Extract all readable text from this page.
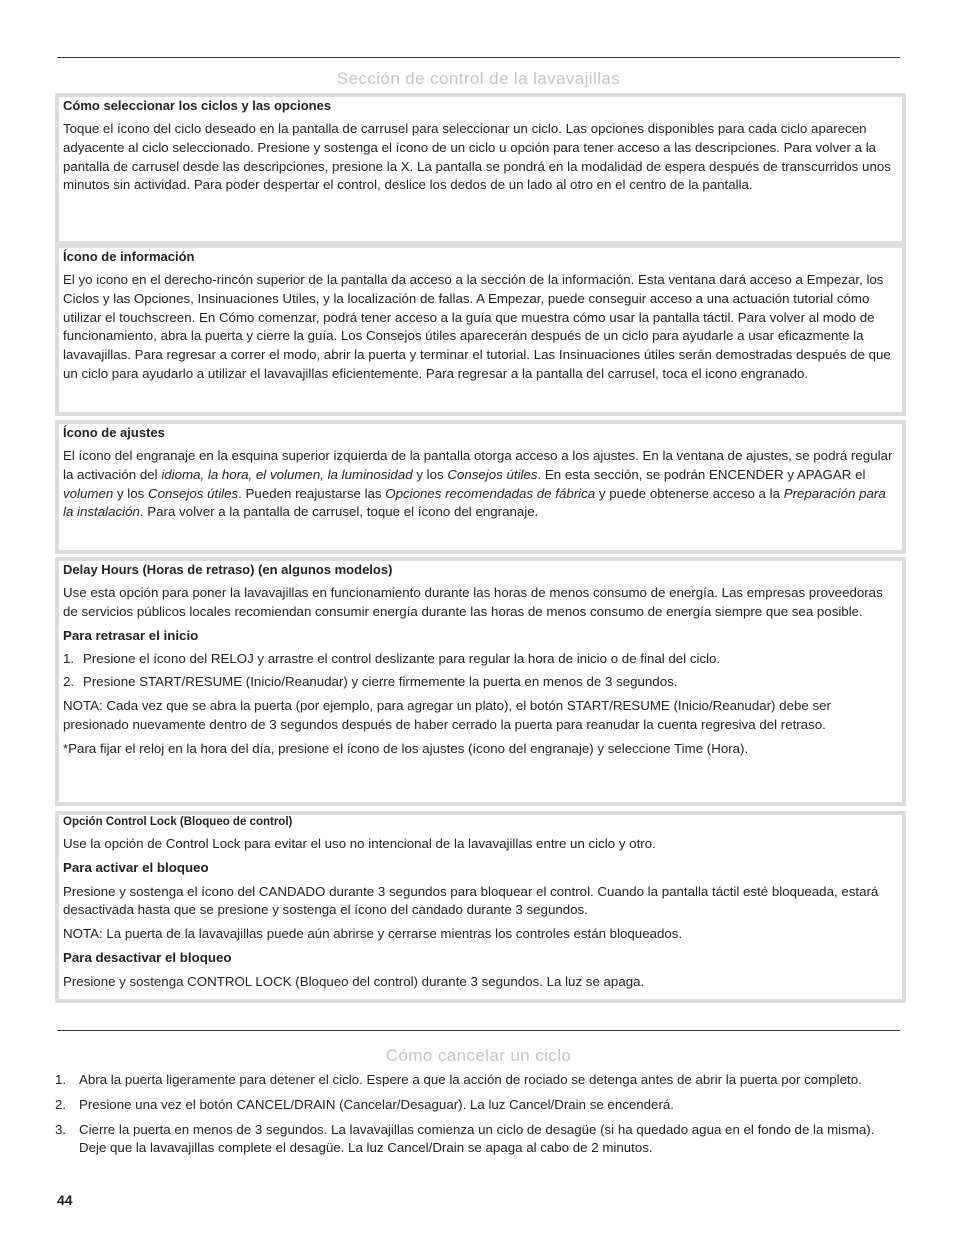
Sección de control de la lavavajillas
Cómo seleccionar los ciclos y las opciones

Toque el ícono del ciclo deseado en la pantalla de carrusel para seleccionar un ciclo. Las opciones disponibles para cada ciclo aparecen adyacente al ciclo seleccionado. Presione y sostenga el ícono de un ciclo u opción para tener acceso a las descripciones. Para volver a la pantalla de carrusel desde las descripciones, presione la X. La pantalla se pondrá en la modalidad de espera después de transcurridos unos minutos sin actividad. Para poder despertar el control, deslice los dedos de un lado al otro en el centro de la pantalla.

Ícono de información

El yo icono en el derecho-rincón superior de la pantalla da acceso a la sección de la información. Esta ventana dará acceso a Empezar, los Ciclos y las Opciones, Insinuaciones Utiles, y la localización de fallas. A Empezar, puede conseguir acceso a una actuación tutorial cómo utilizar el touchscreen. En Cómo comenzar, podrá tener acceso a la guía que muestra cómo usar la pantalla táctil. Para volver al modo de funcionamiento, abra la puerta y cierre la guía. Los Consejos útiles aparecerán después de un ciclo para ayudarle a usar eficazmente la lavavajillas. Para regresar a correr el modo, abrir la puerta y terminar el tutorial. Las Insinuaciones útiles serán demostradas después de que un ciclo para ayudarlo a utilizar el lavavajillas eficientemente. Para regresar a la pantalla del carrusel, toca el icono engranado.

Ícono de ajustes

El ícono del engranaje en la esquina superior izquierda de la pantalla otorga acceso a los ajustes. En la ventana de ajustes, se podrá regular la activación del idioma, la hora, el volumen, la luminosidad y los Consejos útiles. En esta sección, se podrán ENCENDER y APAGAR el volumen y los Consejos útiles. Pueden reajustarse las Opciones recomendadas de fábrica y puede obtenerse acceso a la Preparación para la instalación. Para volver a la pantalla de carrusel, toque el ícono del engranaje.

Delay Hours (Horas de retraso) (en algunos modelos)

Use esta opción para poner la lavavajillas en funcionamiento durante las horas de menos consumo de energía. Las empresas proveedoras de servicios públicos locales recomiendan consumir energía durante las horas de menos consumo de energía siempre que sea posible.

Para retrasar el inicio

1. Presione el ícono del RELOJ y arrastre el control deslizante para regular la hora de inicio o de final del ciclo.
2. Presione START/RESUME (Inicio/Reanudar) y cierre firmemente la puerta en menos de 3 segundos.

NOTA: Cada vez que se abra la puerta (por ejemplo, para agregar un plato), el botón START/RESUME (Inicio/Reanudar) debe ser presionado nuevamente dentro de 3 segundos después de haber cerrado la puerta para reanudar la cuenta regresiva del retraso.

*Para fijar el reloj en la hora del día, presione el ícono de los ajustes (ícono del engranaje) y seleccione Time (Hora).

Opción Control Lock (Bloqueo de control)

Use la opción de Control Lock para evitar el uso no intencional de la lavavajillas entre un ciclo y otro.

Para activar el bloqueo

Presione y sostenga el ícono del CANDADO durante 3 segundos para bloquear el control. Cuando la pantalla táctil esté bloqueada, estará desactivada hasta que se presione y sostenga el ícono del candado durante 3 segundos.

NOTA: La puerta de la lavavajillas puede aún abrirse y cerrarse mientras los controles están bloqueados.

Para desactivar el bloqueo

Presione y sostenga CONTROL LOCK (Bloqueo del control) durante 3 segundos. La luz se apaga.

Cómo cancelar un ciclo
1. Abra la puerta ligeramente para detener el ciclo. Espere a que la acción de rociado se detenga antes de abrir la puerta por completo.
2. Presione una vez el botón CANCEL/DRAIN (Cancelar/Desaguar). La luz Cancel/Drain se encenderá.
3. Cierre la puerta en menos de 3 segundos. La lavavajillas comienza un ciclo de desagüe (si ha quedado agua en el fondo de la misma). Deje que la lavavajillas complete el desagüe. La luz Cancel/Drain se apaga al cabo de 2 minutos.
44
